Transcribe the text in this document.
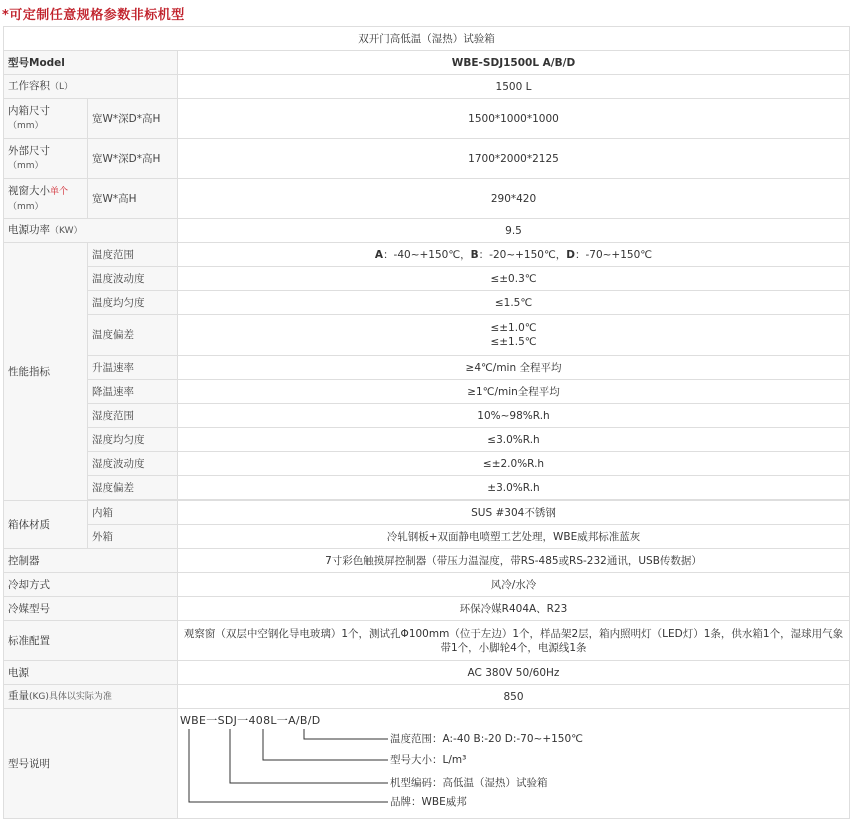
*可定制任意规格参数非标机型
双开门高低温（湿热）试验箱		
型号Model		WBE-SDJ1500L A/B/D
工作容积（L）		1500 L
内箱尺寸
（mm）	宽W*深D*高H	1500*1000*1000
外部尺寸
（mm）	宽W*深D*高H	1700*2000*2125
视窗大小单个
（mm）	宽W*高H	290*420
电源功率（KW）		9.5
性能指标	温度范围	A：-40~+150℃，B：-20~+150℃，D：-70~+150℃
	温度波动度	≤±0.3℃
	温度均匀度	≤1.5℃
	温度偏差	≤±1.0℃
≤±1.5℃
	升温速率	≥4℃/min 全程平均
	降温速率	≥1℃/min全程平均
	湿度范围	10%~98%R.h
	湿度均匀度	≤3.0%R.h
	湿度波动度	≤±2.0%R.h
	湿度偏差	±3.0%R.h

箱体材质	内箱	SUS #304不锈钢
	外箱	冷轧钢板+双面静电喷塑工艺处理，WBE威邦标准蓝灰
控制器		7寸彩色触摸屏控制器（带压力温湿度，带RS-485或RS-232通讯，USB传数据）
冷却方式		风冷/水冷
冷媒型号		环保冷媒R404A、R23
标准配置		观察窗（双层中空钢化导电玻璃）1个，测试孔Φ100mm（位于左边）1个，样品架2层，箱内照明灯（LED灯）1条，供水箱1个，湿球用气象带1个，小脚轮4个，电源线1条
电源		AC 380V 50/60Hz
重量(KG)具体以实际为准		850
型号说明		WBE一SDJ一408L一A/B/D
温度范围：A:-40 B:-20 D:-70~+150℃
型号大小：L/m³
机型编码：高低温（湿热）试验箱
品牌：WBE威邦
